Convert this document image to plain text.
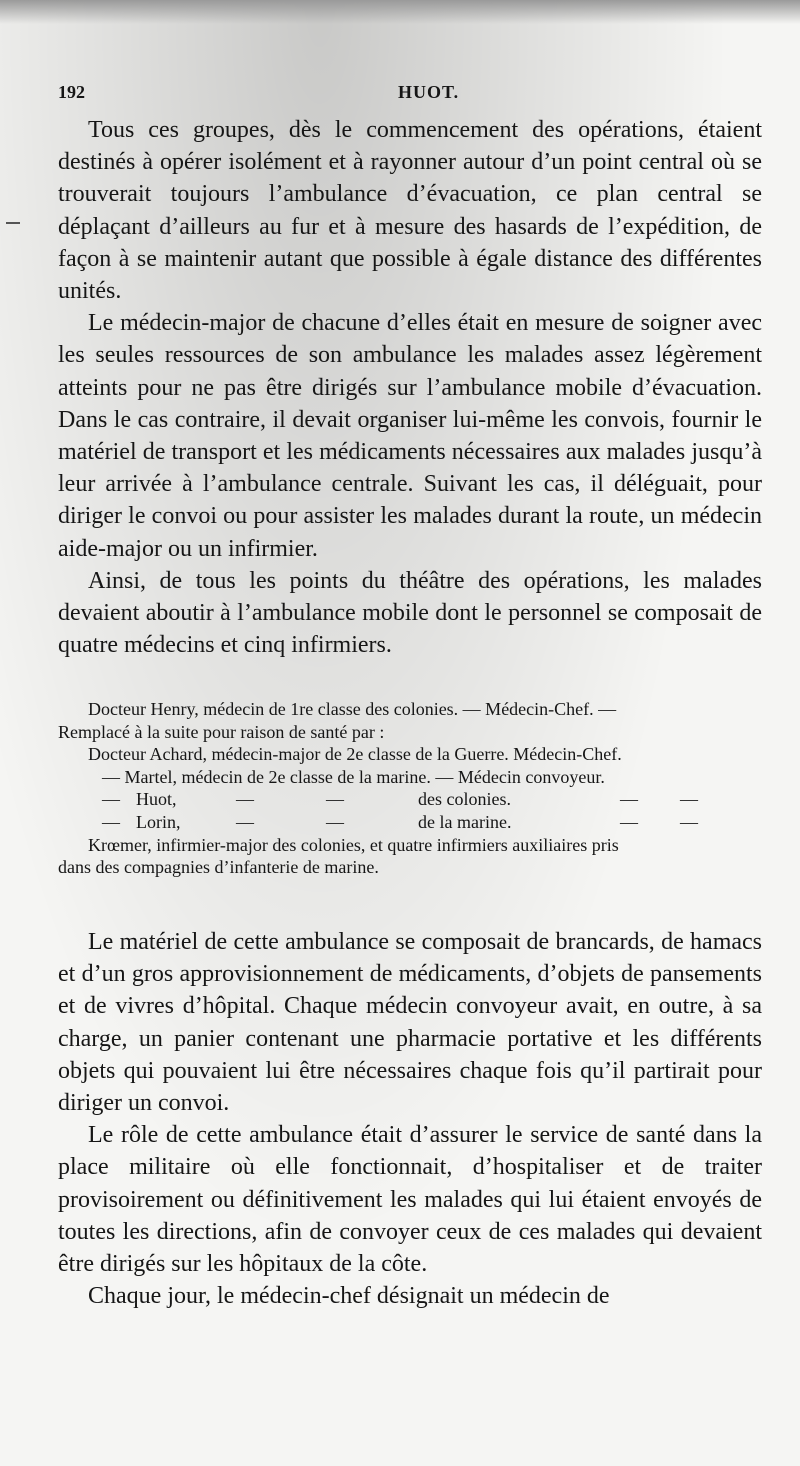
192	HUOT.

Tous ces groupes, dès le commencement des opérations, étaient destinés à opérer isolément et à rayonner autour d’un point central où se trouverait toujours l’ambulance d’évacuation, ce plan central se déplaçant d’ailleurs au fur et à mesure des hasards de l’expédition, de façon à se maintenir autant que possible à égale distance des différentes unités.

Le médecin-major de chacune d’elles était en mesure de soigner avec les seules ressources de son ambulance les malades assez légèrement atteints pour ne pas être dirigés sur l’ambulance mobile d’évacuation. Dans le cas contraire, il devait organiser lui-même les convois, fournir le matériel de transport et les médicaments nécessaires aux malades jusqu’à leur arrivée à l’ambulance centrale. Suivant les cas, il déléguait, pour diriger le convoi ou pour assister les malades durant la route, un médecin aide-major ou un infirmier.

Ainsi, de tous les points du théâtre des opérations, les malades devaient aboutir à l’ambulance mobile dont le personnel se composait de quatre médecins et cinq infirmiers.

Docteur Henry, médecin de 1re classe des colonies. — Médecin-Chef. —
Remplacé à la suite pour raison de santé par :
Docteur Achard, médecin-major de 2e classe de la Guerre. Médecin-Chef.
— Martel, médecin de 2e classe de la marine. — Médecin convoyeur.
— Huot,	—	—	des colonies.	— —
— Lorin,	—	—	de la marine.	— —
Krœmer, infirmier-major des colonies, et quatre infirmiers auxiliaires pris
dans des compagnies d’infanterie de marine.

Le matériel de cette ambulance se composait de brancards, de hamacs et d’un gros approvisionnement de médicaments, d’objets de pansements et de vivres d’hôpital. Chaque médecin convoyeur avait, en outre, à sa charge, un panier contenant une pharmacie portative et les différents objets qui pouvaient lui être nécessaires chaque fois qu’il partirait pour diriger un convoi.

Le rôle de cette ambulance était d’assurer le service de santé dans la place militaire où elle fonctionnait, d’hospitaliser et de traiter provisoirement ou définitivement les malades qui lui étaient envoyés de toutes les directions, afin de convoyer ceux de ces malades qui devaient être dirigés sur les hôpitaux de la côte.

Chaque jour, le médecin-chef désignait un médecin de
